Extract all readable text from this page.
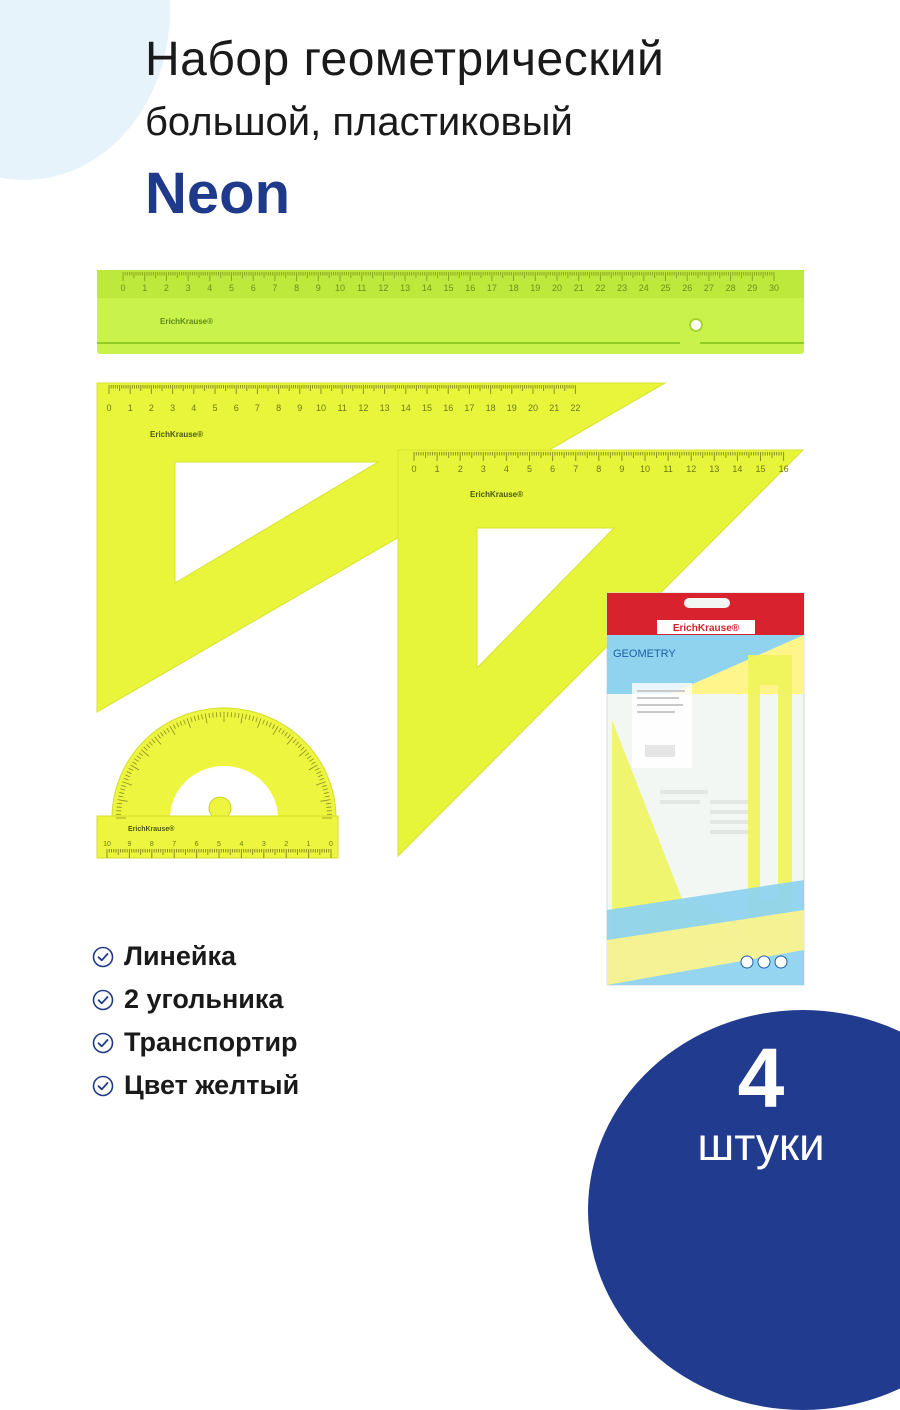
Набор геометрический
большой, пластиковый
Neon
0 1 2 3 4 5 6 7 8 9 10 11 12 13 14 15 16 17 18 19 20 21 22 23 24 25 26 27 28 29 30
ErichKrause®
0 1 2 3 4 5 6 7 8 9 10 11 12 13 14 15 16 17 18 19 20 21 22
ErichKrause®
0 1 2 3 4 5 6 7 8 9 10 11 12 13 14 15 16
ErichKrause®
10 9	8	7	6	5	4	3	2	1	0
ErichKrause®
ErichKrause®
GEOMETRY
Линейка
2 угольника
Транспортир
Цвет желтый	4
штуки
